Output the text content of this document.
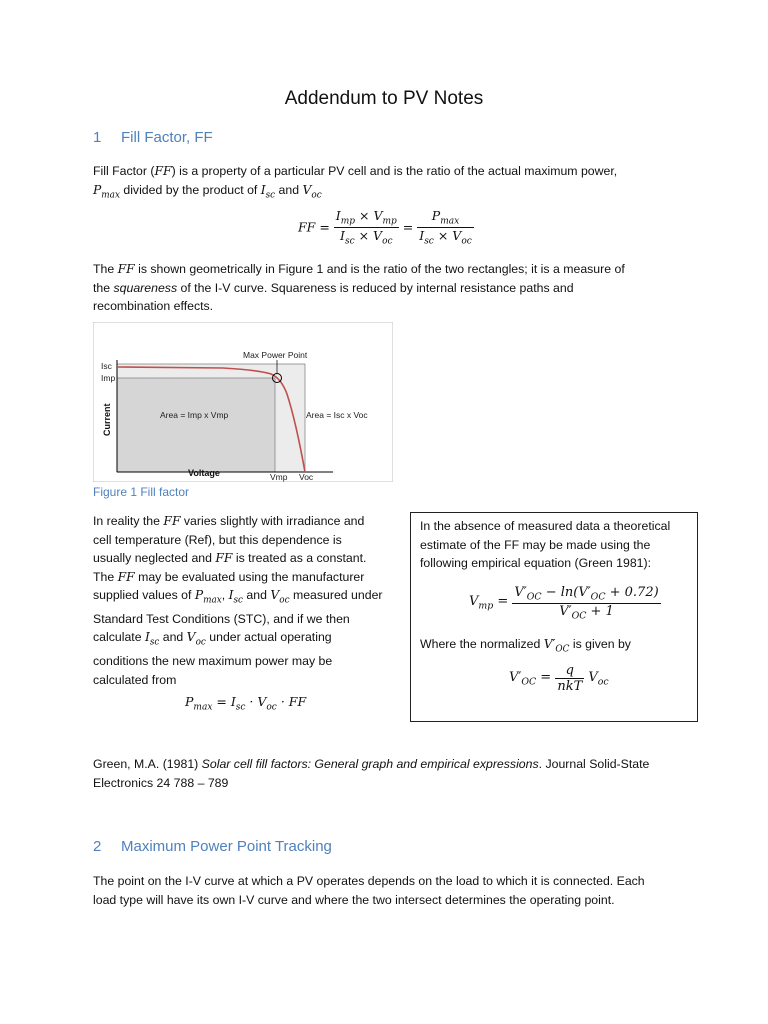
Addendum to PV Notes
1 Fill Factor, FF
Fill Factor (FF) is a property of a particular PV cell and is the ratio of the actual maximum power,
$P_{max}$ divided by the product of $I_{sc}$ and $V_{oc}$
FF = $\frac{I_{mp} \times V_{mp}}{I_{sc} \times V_{oc}} = \frac{P_{max}}{I_{sc} \times V_{oc}}$
The FF is shown geometrically in Figure 1 and is the ratio of the two rectangles; it is a measure of
the squareness of the I-V curve. Squareness is reduced by internal resistance paths and
recombination effects.
Max Power Point
Isc
Imp
Area = Imp x Vmp	Area = Isc x Voc
Vmp Voc
Voltage
Current
Figure 1 Fill factor
In reality the FF varies slightly with irradiance and
cell temperature (Ref), but this dependence is
usually neglected and FF is treated as a constant.
The FF may be evaluated using the manufacturer
supplied values of $P_{max}$, $I_{sc}$ and $V_{oc}$ measured under
Standard Test Conditions (STC), and if we then
calculate $I_{sc}$ and $V_{oc}$ under actual operating
conditions the new maximum power may be
calculated from
$P_{max} = I_{sc} \cdot V_{oc}$ · FF
In the absence of measured data a theoretical
estimate of the FF may be made using the
following empirical equation (Green 1981):
$V_{mp} = \frac{V'_{OC} - \ln(V'_{OC} + 0.72)}{V'_{OC} + 1}$
Where the normalized $V'_{OC}$ is given by
$V'_{OC} = \frac{q}{\text{nkT}} V_{oc}$
Green, M.A. (1981) Solar cell fill factors: General graph and empirical expressions. Journal Solid-State
Electronics 24 788 – 789
2 Maximum Power Point Tracking
The point on the I-V curve at which a PV operates depends on the load to which it is connected. Each
load type will have its own I-V curve and where the two intersect determines the operating point.
